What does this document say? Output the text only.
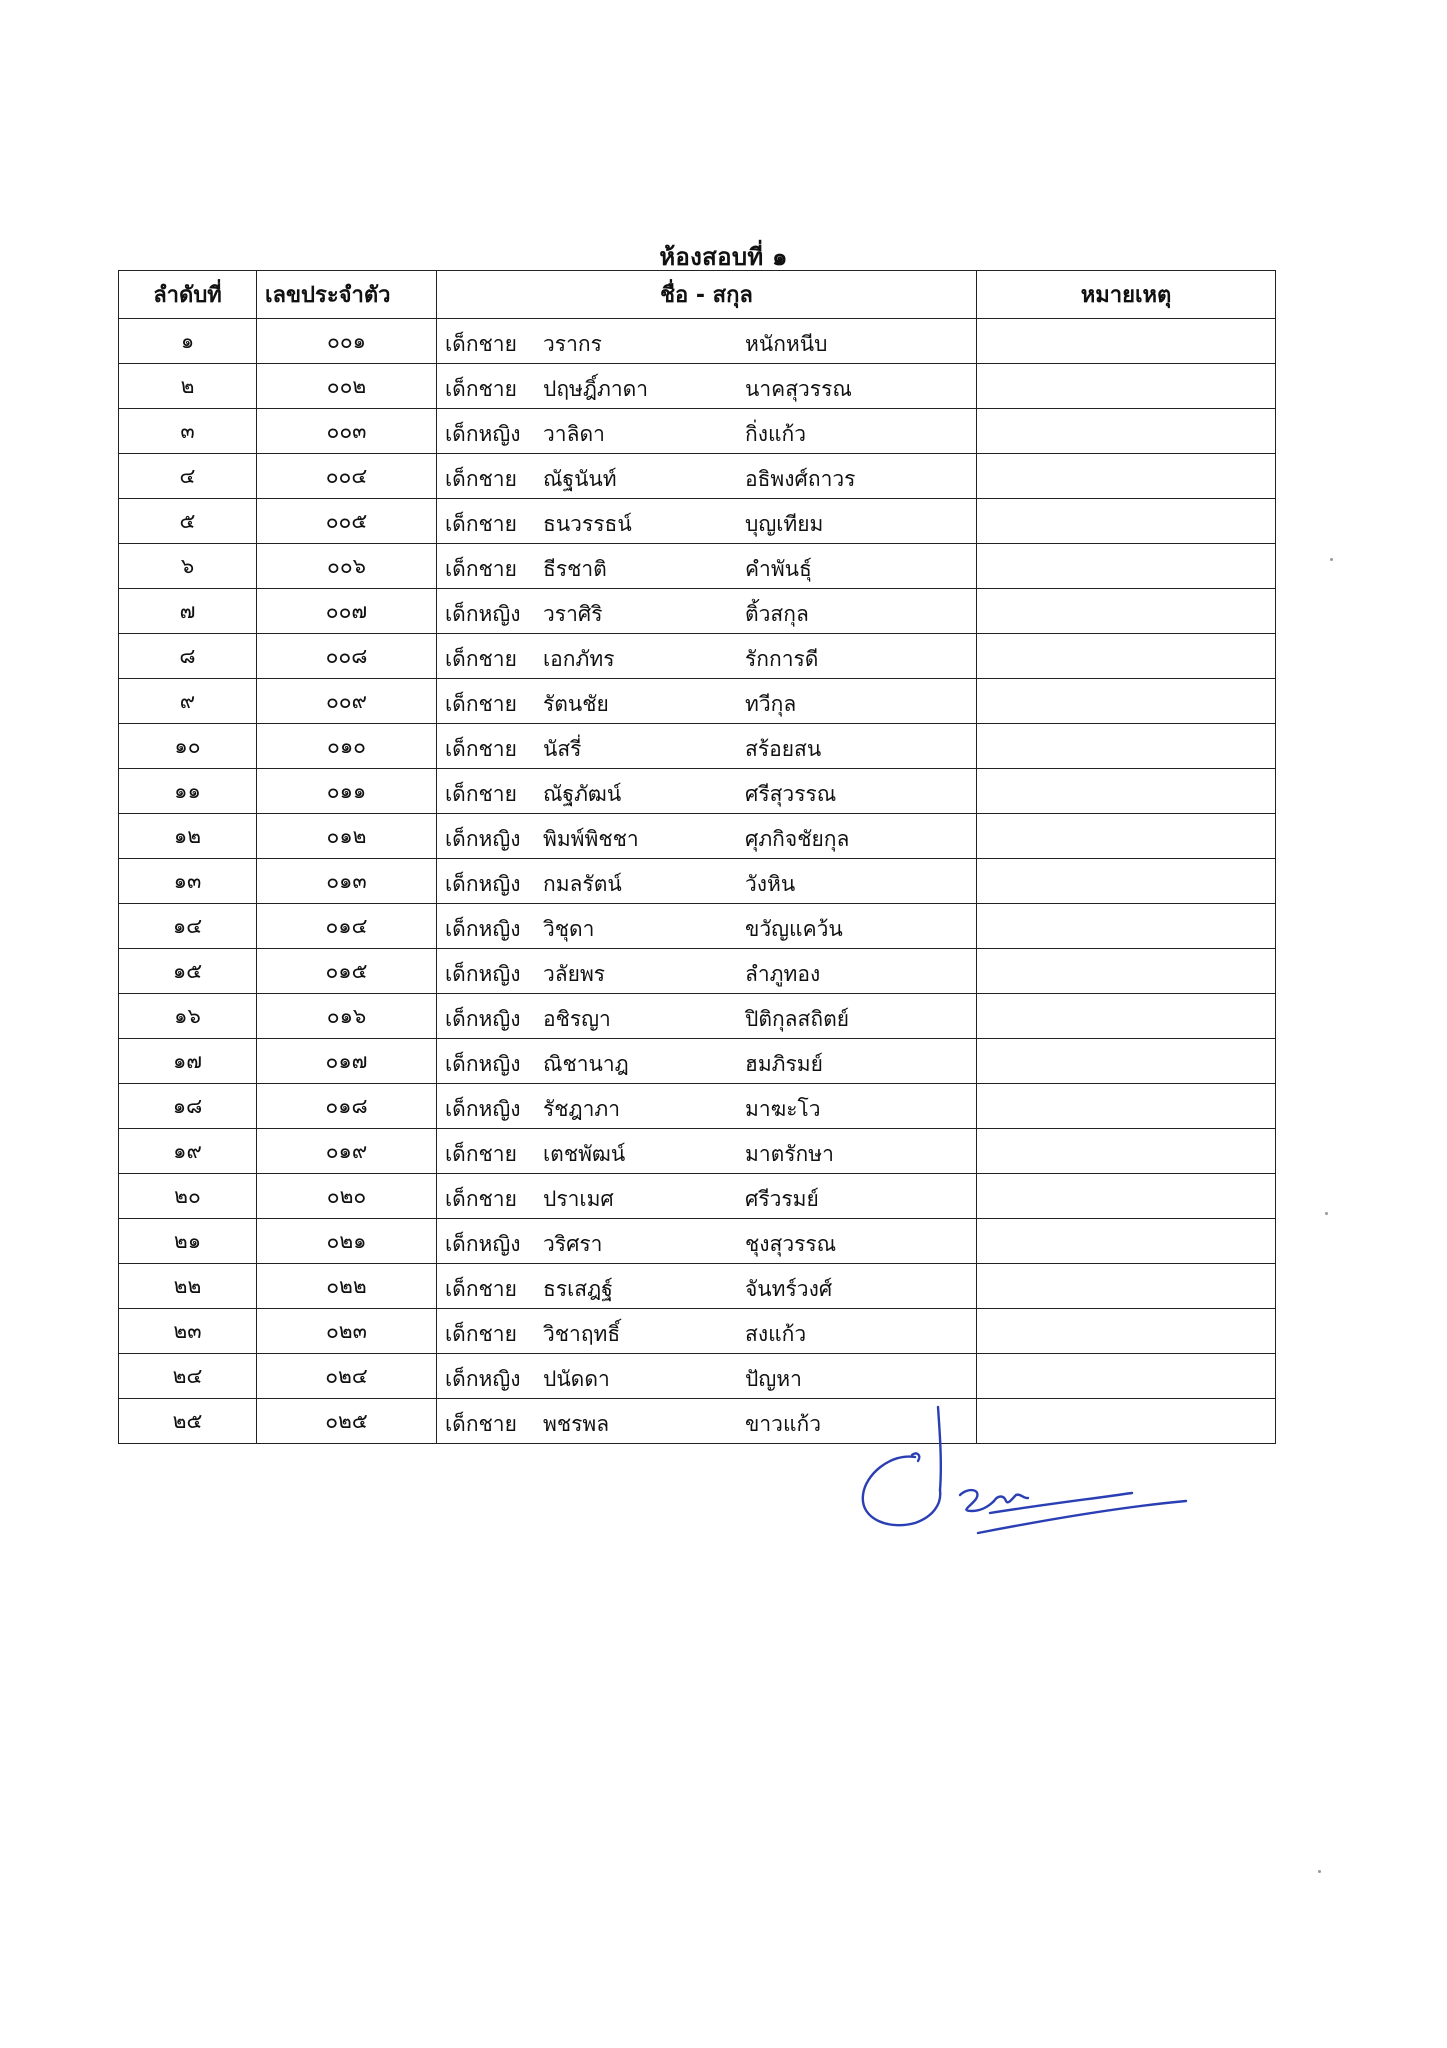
ห้องสอบที่ ๑
ลำดับที่	เลขประจำตัว	ชื่อ - สกุล	หมายเหตุ
๑	๐๐๑	เด็กชาย วรากร หนักหนีบ	

๒	๐๐๒	เด็กชาย ปฤษฎิ์ภาดา นาคสุวรรณ	

๓	๐๐๓	เด็กหญิง วาลิดา กิ่งแก้ว	

๔	๐๐๔	เด็กชาย ณัฐนันท์ อธิพงศ์ถาวร	

๕	๐๐๕	เด็กชาย ธนวรรธน์ บุญเทียม	

๖	๐๐๖	เด็กชาย ธีรชาติ คำพันธุ์	

๗	๐๐๗	เด็กหญิง วราศิริ ติ้วสกุล	

๘	๐๐๘	เด็กชาย เอกภัทร รักการดี	

๙	๐๐๙	เด็กชาย รัตนชัย ทวีกุล	

๑๐	๐๑๐	เด็กชาย นัสรี่ สร้อยสน	

๑๑	๐๑๑	เด็กชาย ณัฐภัฒน์ ศรีสุวรรณ	

๑๒	๐๑๒	เด็กหญิง พิมพ์พิชชา ศุภกิจชัยกุล	

๑๓	๐๑๓	เด็กหญิง กมลรัตน์ วังหิน	

๑๔	๐๑๔	เด็กหญิง วิชุดา ขวัญแคว้น	

๑๕	๐๑๕	เด็กหญิง วลัยพร ลำภูทอง	

๑๖	๐๑๖	เด็กหญิง อชิรญา ปิติกุลสถิตย์	

๑๗	๐๑๗	เด็กหญิง ณิชานาฎ ฮมภิรมย์	

๑๘	๐๑๘	เด็กหญิง รัชฎาภา มาฆะโว	

๑๙	๐๑๙	เด็กชาย เตชพัฒน์ มาตรักษา	

๒๐	๐๒๐	เด็กชาย ปราเมศ ศรีวรมย์	

๒๑	๐๒๑	เด็กหญิง วริศรา ชุงสุวรรณ	

๒๒	๐๒๒	เด็กชาย ธรเสฎฐ์ จันทร์วงศ์	

๒๓	๐๒๓	เด็กชาย วิชาฤทธิ์ สงแก้ว	

๒๔	๐๒๔	เด็กหญิง ปนัดดา ปัญหา	

๒๕	๐๒๕	เด็กชาย พชรพล ขาวแก้ว	
